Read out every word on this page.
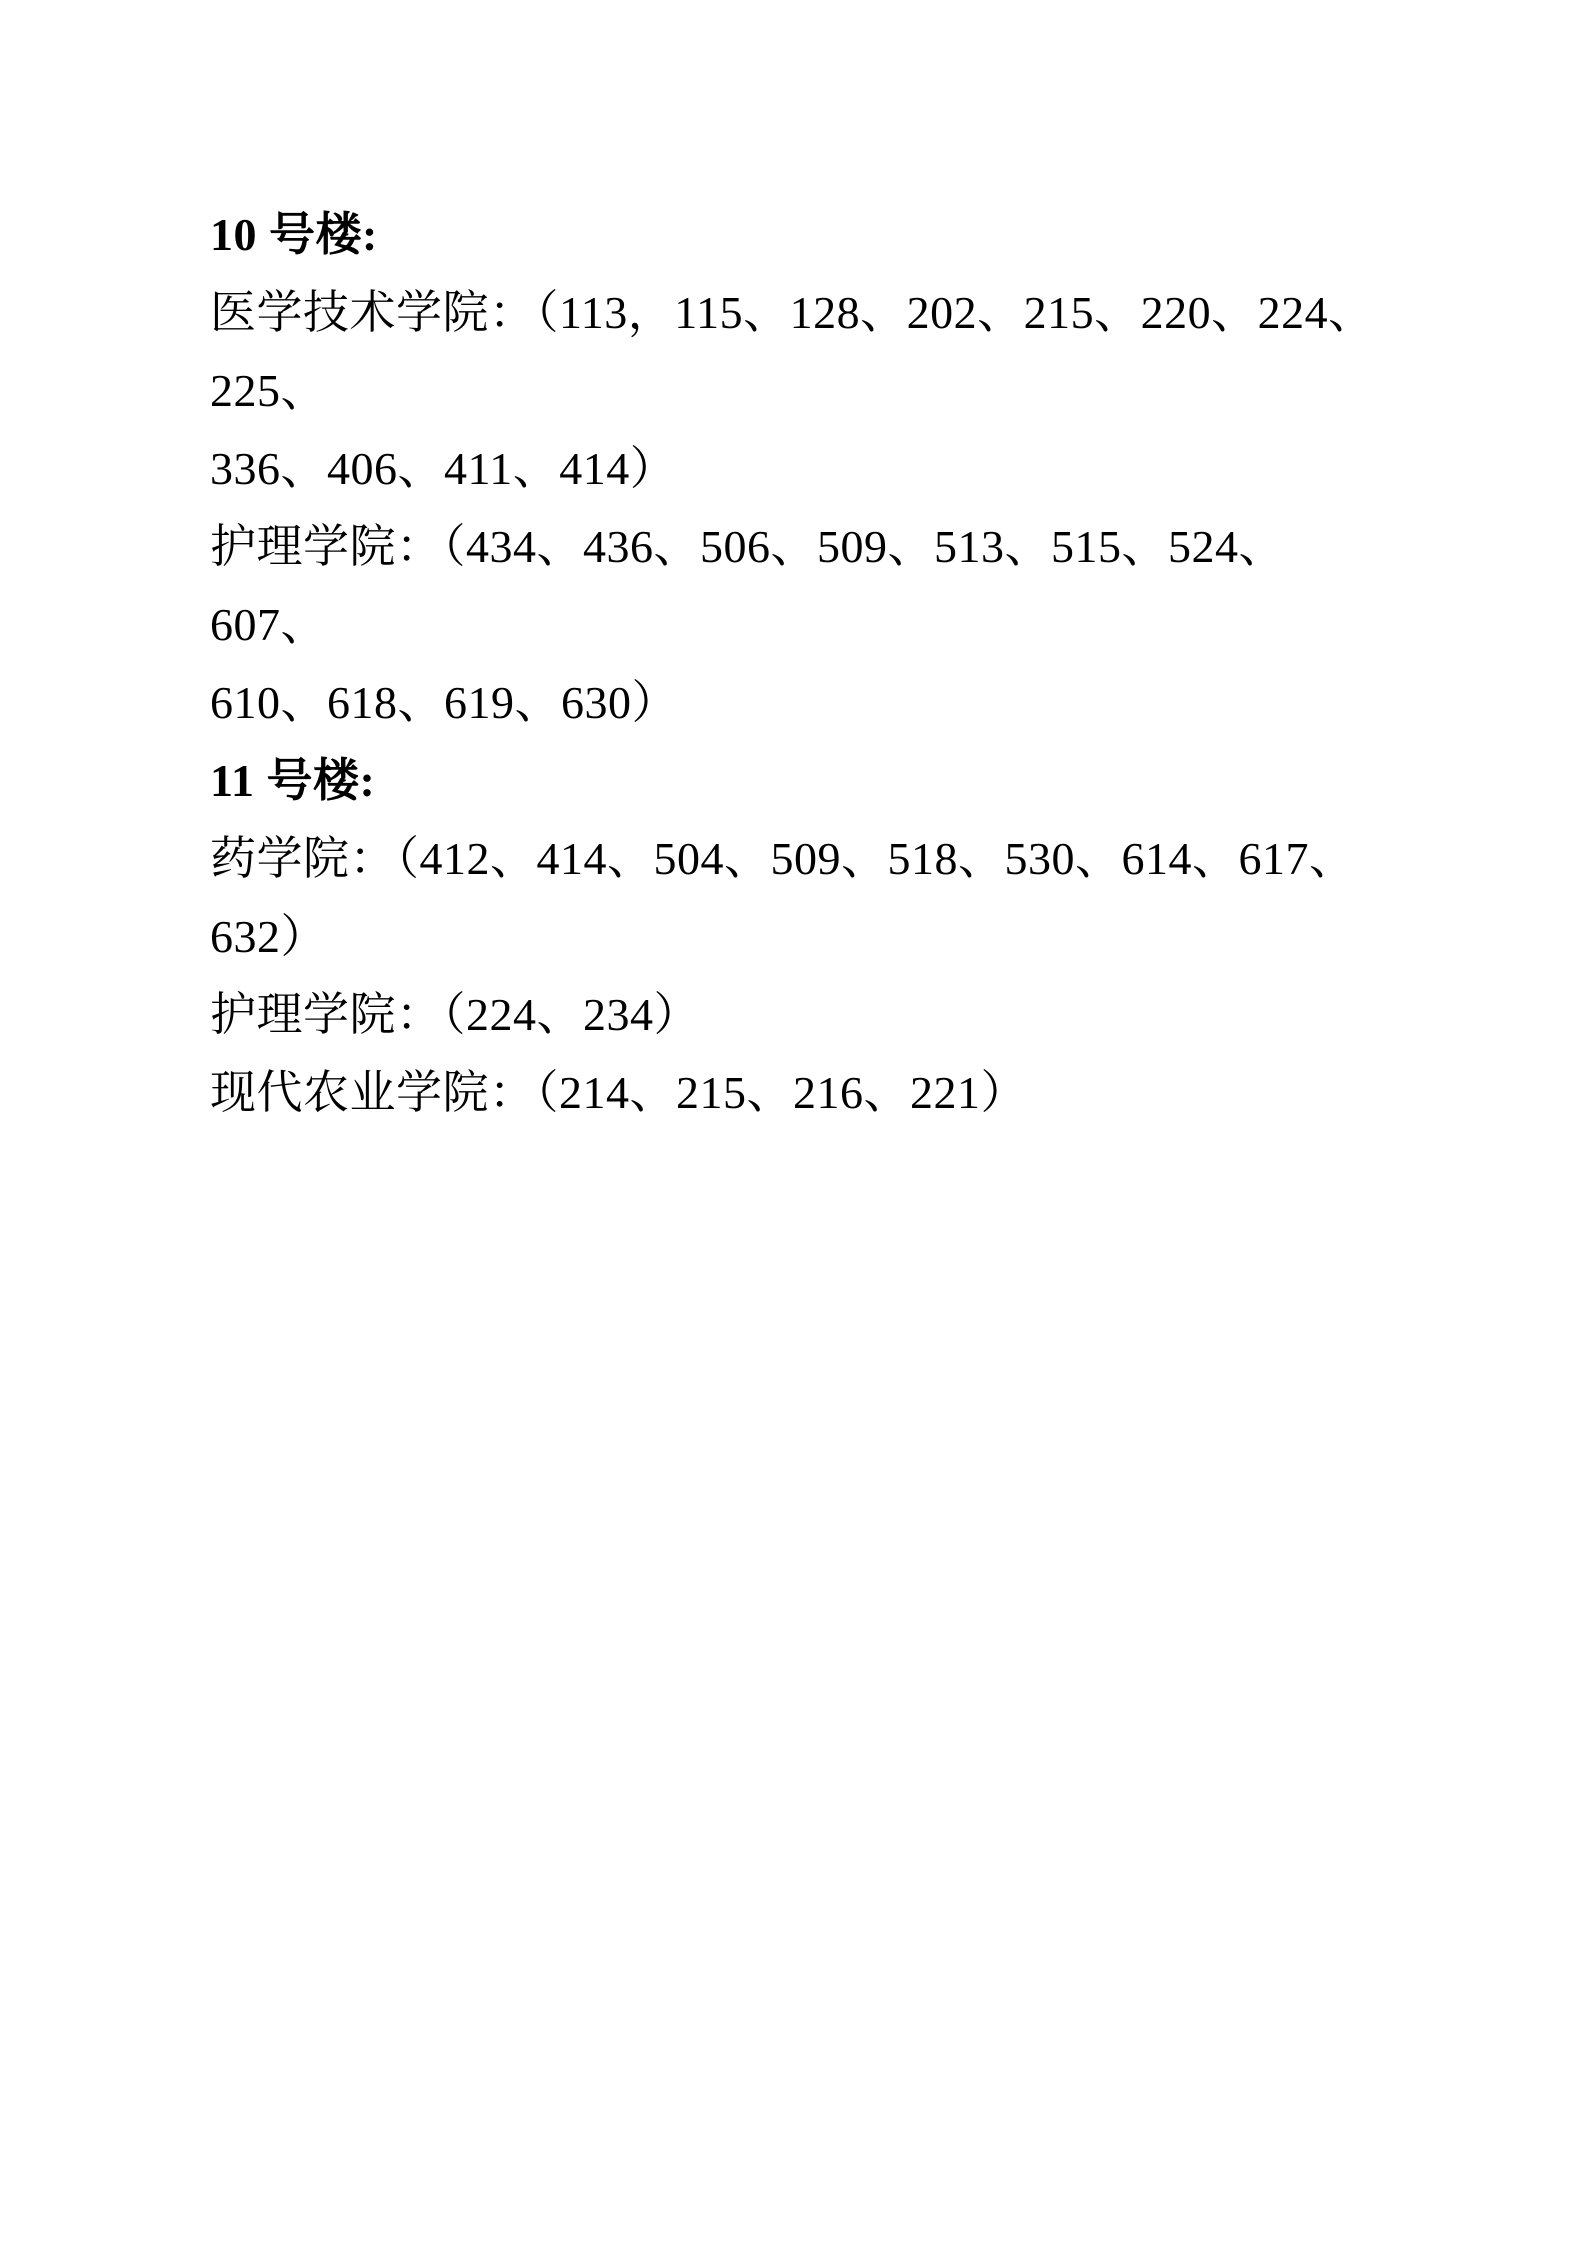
10 号楼:
医学技术学院：（113，115、128、202、215、220、224、225、
336、406、411、414）
护理学院：（434、436、506、509、513、515、524、607、
610、618、619、630）
11 号楼:
药学院：（412、414、504、509、518、530、614、617、632）
护理学院：（224、234）
现代农业学院：（214、215、216、221）
